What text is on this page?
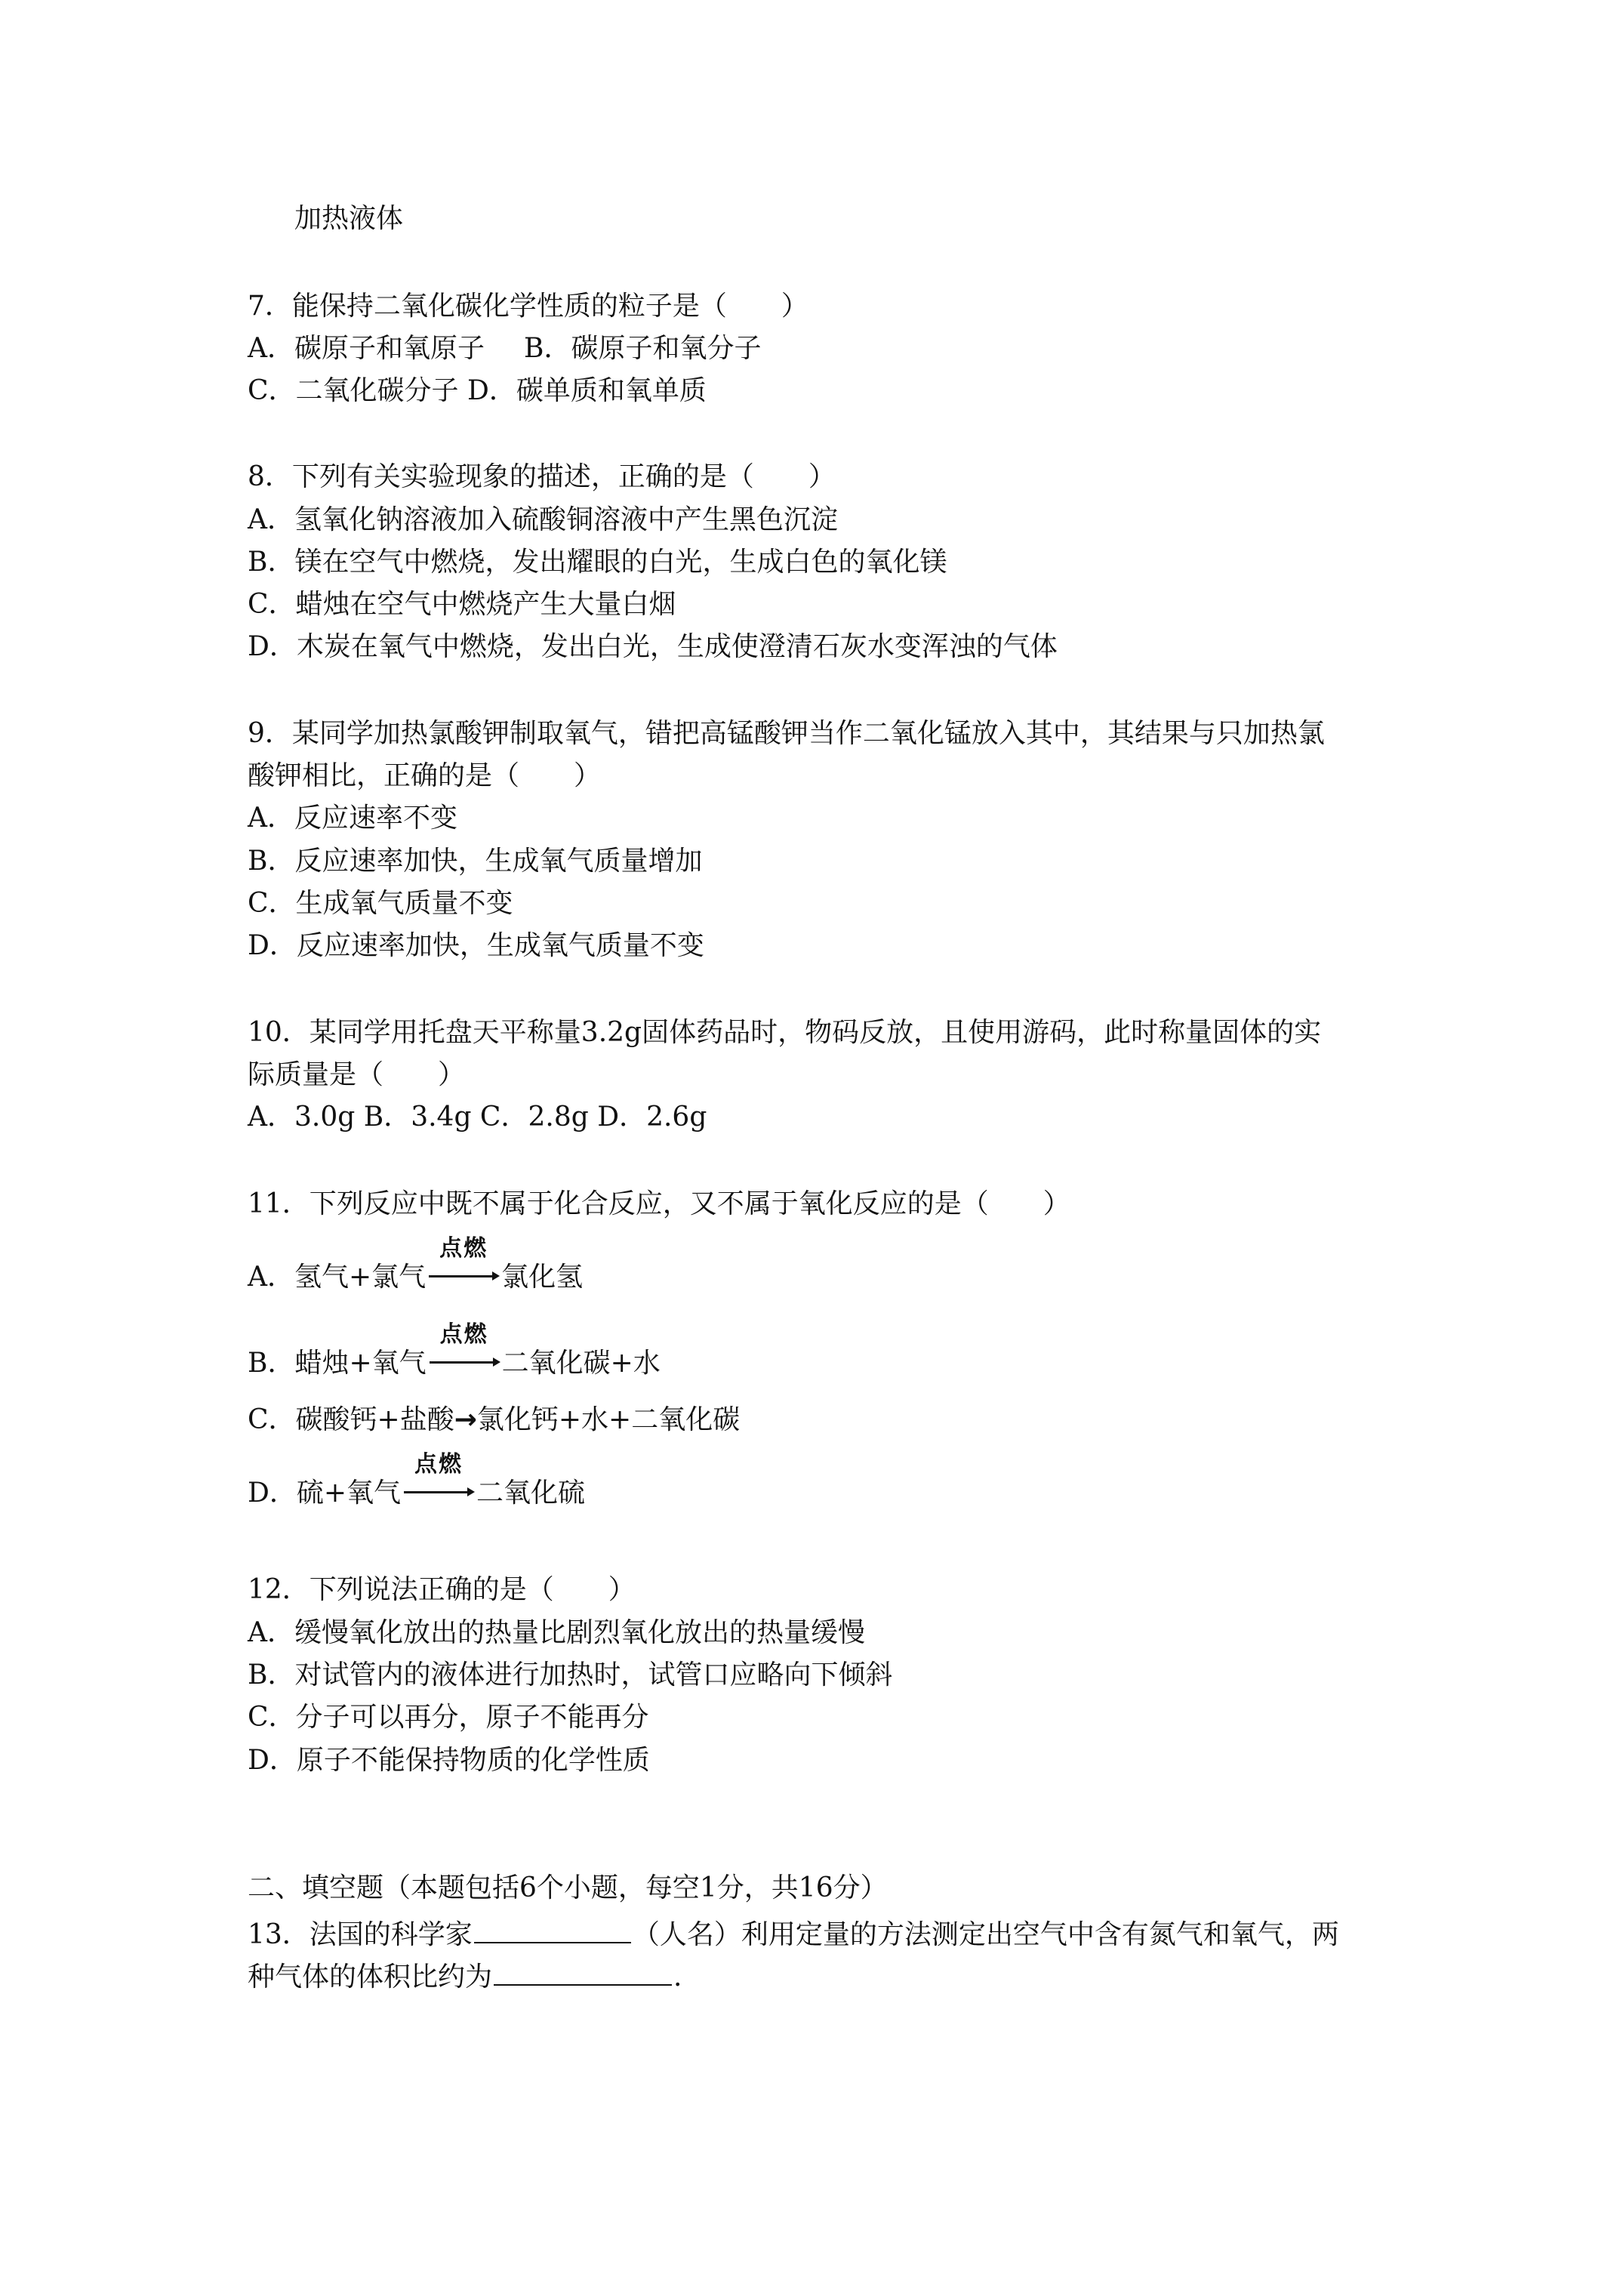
加热液体
7．能保持二氧化碳化学性质的粒子是（　　）
A．碳原子和氧原子 B．碳原子和氧分子
C．二氧化碳分子 D．碳单质和氧单质
8．下列有关实验现象的描述，正确的是（　　）
A．氢氧化钠溶液加入硫酸铜溶液中产生黑色沉淀
B．镁在空气中燃烧，发出耀眼的白光，生成白色的氧化镁
C．蜡烛在空气中燃烧产生大量白烟
D．木炭在氧气中燃烧，发出白光，生成使澄清石灰水变浑浊的气体
9．某同学加热氯酸钾制取氧气，错把高锰酸钾当作二氧化锰放入其中，其结果与只加热氯
酸钾相比，正确的是（　　）
A．反应速率不变
B．反应速率加快，生成氧气质量增加
C．生成氧气质量不变
D．反应速率加快，生成氧气质量不变
10．某同学用托盘天平称量3.2g固体药品时，物码反放，且使用游码，此时称量固体的实
际质量是（　　）
A．3.0g B．3.4g C．2.8g D．2.6g
11．下列反应中既不属于化合反应，又不属于氧化反应的是（　　）
A．氢气+氯气
点燃
氯化氢
B．蜡烛+氧气
点燃
二氧化碳+水
C．碳酸钙+盐酸→氯化钙+水+二氧化碳
D．硫+氧气
点燃
二氧化硫
12．下列说法正确的是（　　）
A．缓慢氧化放出的热量比剧烈氧化放出的热量缓慢
B．对试管内的液体进行加热时，试管口应略向下倾斜
C．分子可以再分，原子不能再分
D．原子不能保持物质的化学性质
二、填空题（本题包括6个小题，每空1分，共16分）
13．法国的科学家	（人名）利用定量的方法测定出空气中含有氮气和氧气，两
种气体的体积比约为	.
